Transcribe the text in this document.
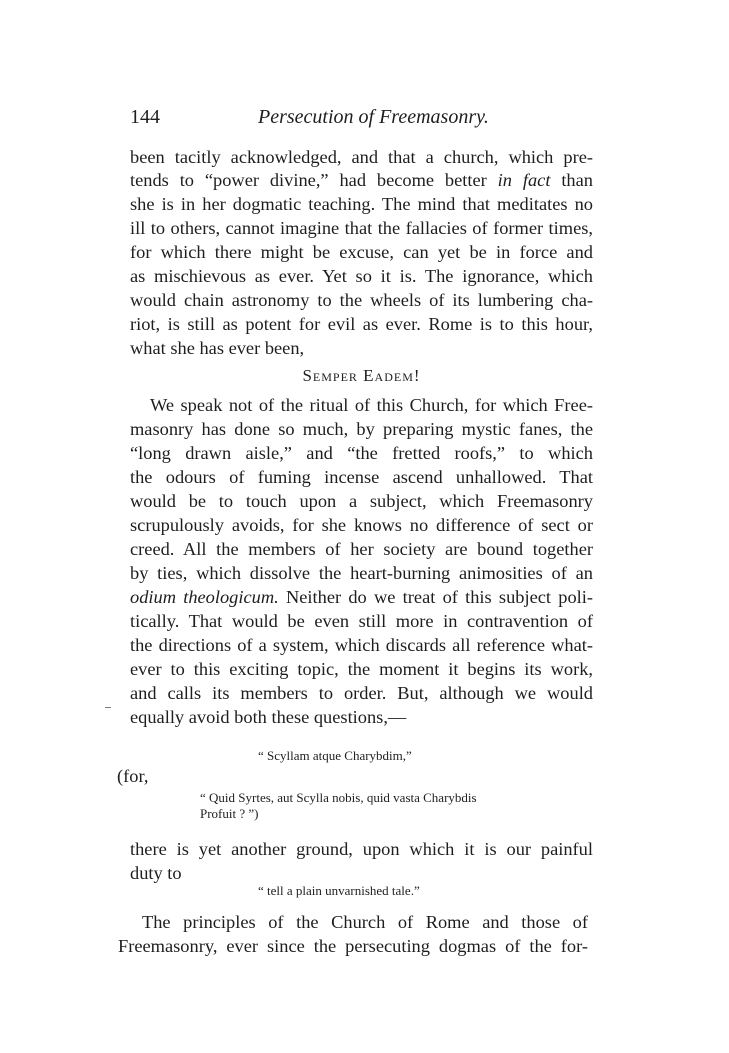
144	Persecution of Freemasonry.
been tacitly acknowledged, and that a church, which pre-
tends to “power divine,” had become better in fact than
she is in her dogmatic teaching. The mind that meditates no
ill to others, cannot imagine that the fallacies of former times,
for which there might be excuse, can yet be in force and
as mischievous as ever. Yet so it is. The ignorance, which
would chain astronomy to the wheels of its lumbering cha-
riot, is still as potent for evil as ever. Rome is to this hour,
what she has ever been,
Semper Eadem!
We speak not of the ritual of this Church, for which Free-
masonry has done so much, by preparing mystic fanes, the
“long drawn aisle,” and “the fretted roofs,” to which
the odours of fuming incense ascend unhallowed. That
would be to touch upon a subject, which Freemasonry
scrupulously avoids, for she knows no difference of sect or
creed. All the members of her society are bound together
by ties, which dissolve the heart-burning animosities of an
odium theologicum. Neither do we treat of this subject poli-
tically. That would be even still more in contravention of
the directions of a system, which discards all reference what-
ever to this exciting topic, the moment it begins its work,
and calls its members to order. But, although we would
equally avoid both these questions,—
“ Scyllam atque Charybdim,”
(for,
“ Quid Syrtes, aut Scylla nobis, quid vasta Charybdis
Profuit ? ”)
there is yet another ground, upon which it is our painful
duty to
“ tell a plain unvarnished tale.”
The principles of the Church of Rome and those of
Freemasonry, ever since the persecuting dogmas of the for-
